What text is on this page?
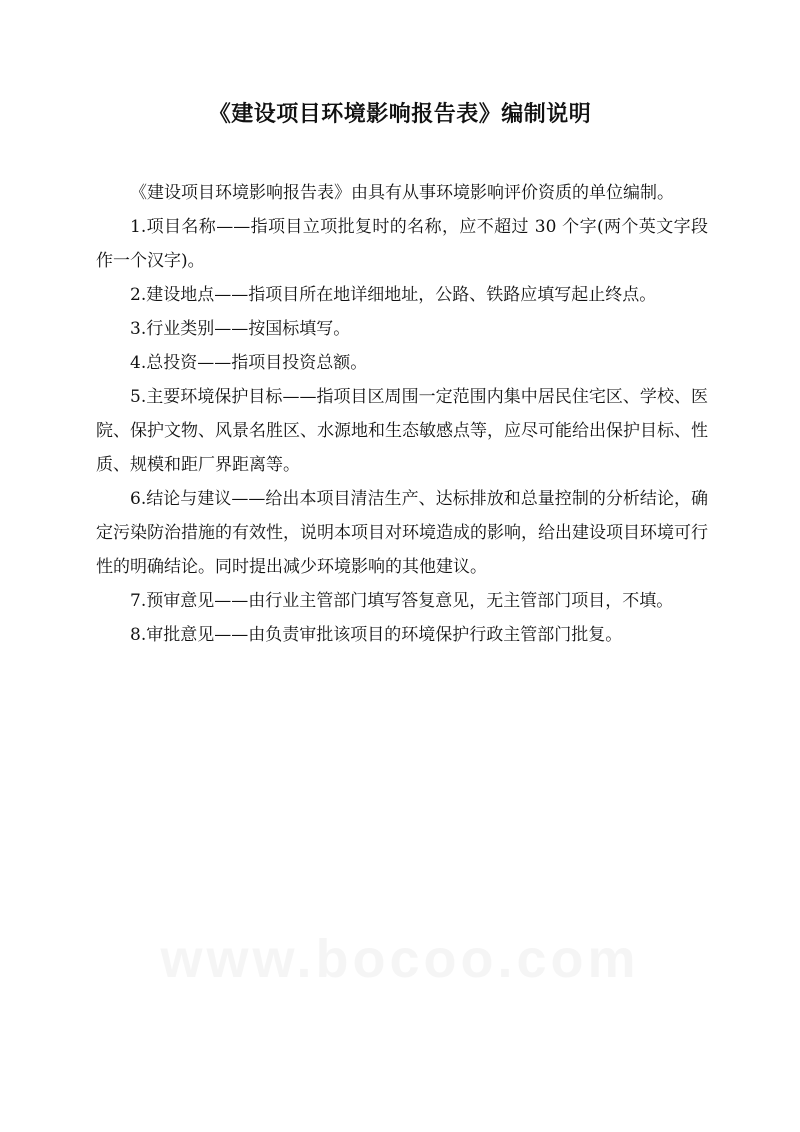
《建设项目环境影响报告表》编制说明

《建设项目环境影响报告表》由具有从事环境影响评价资质的单位编制。

1.项目名称——指项目立项批复时的名称，应不超过 30 个字(两个英文字段作一个汉字)。

2.建设地点——指项目所在地详细地址，公路、铁路应填写起止终点。

3.行业类别——按国标填写。

4.总投资——指项目投资总额。

5.主要环境保护目标——指项目区周围一定范围内集中居民住宅区、学校、医院、保护文物、风景名胜区、水源地和生态敏感点等，应尽可能给出保护目标、性质、规模和距厂界距离等。

6.结论与建议——给出本项目清洁生产、达标排放和总量控制的分析结论，确定污染防治措施的有效性，说明本项目对环境造成的影响，给出建设项目环境可行性的明确结论。同时提出减少环境影响的其他建议。

7.预审意见——由行业主管部门填写答复意见，无主管部门项目，不填。

8.审批意见——由负责审批该项目的环境保护行政主管部门批复。

www.bocoo.com
